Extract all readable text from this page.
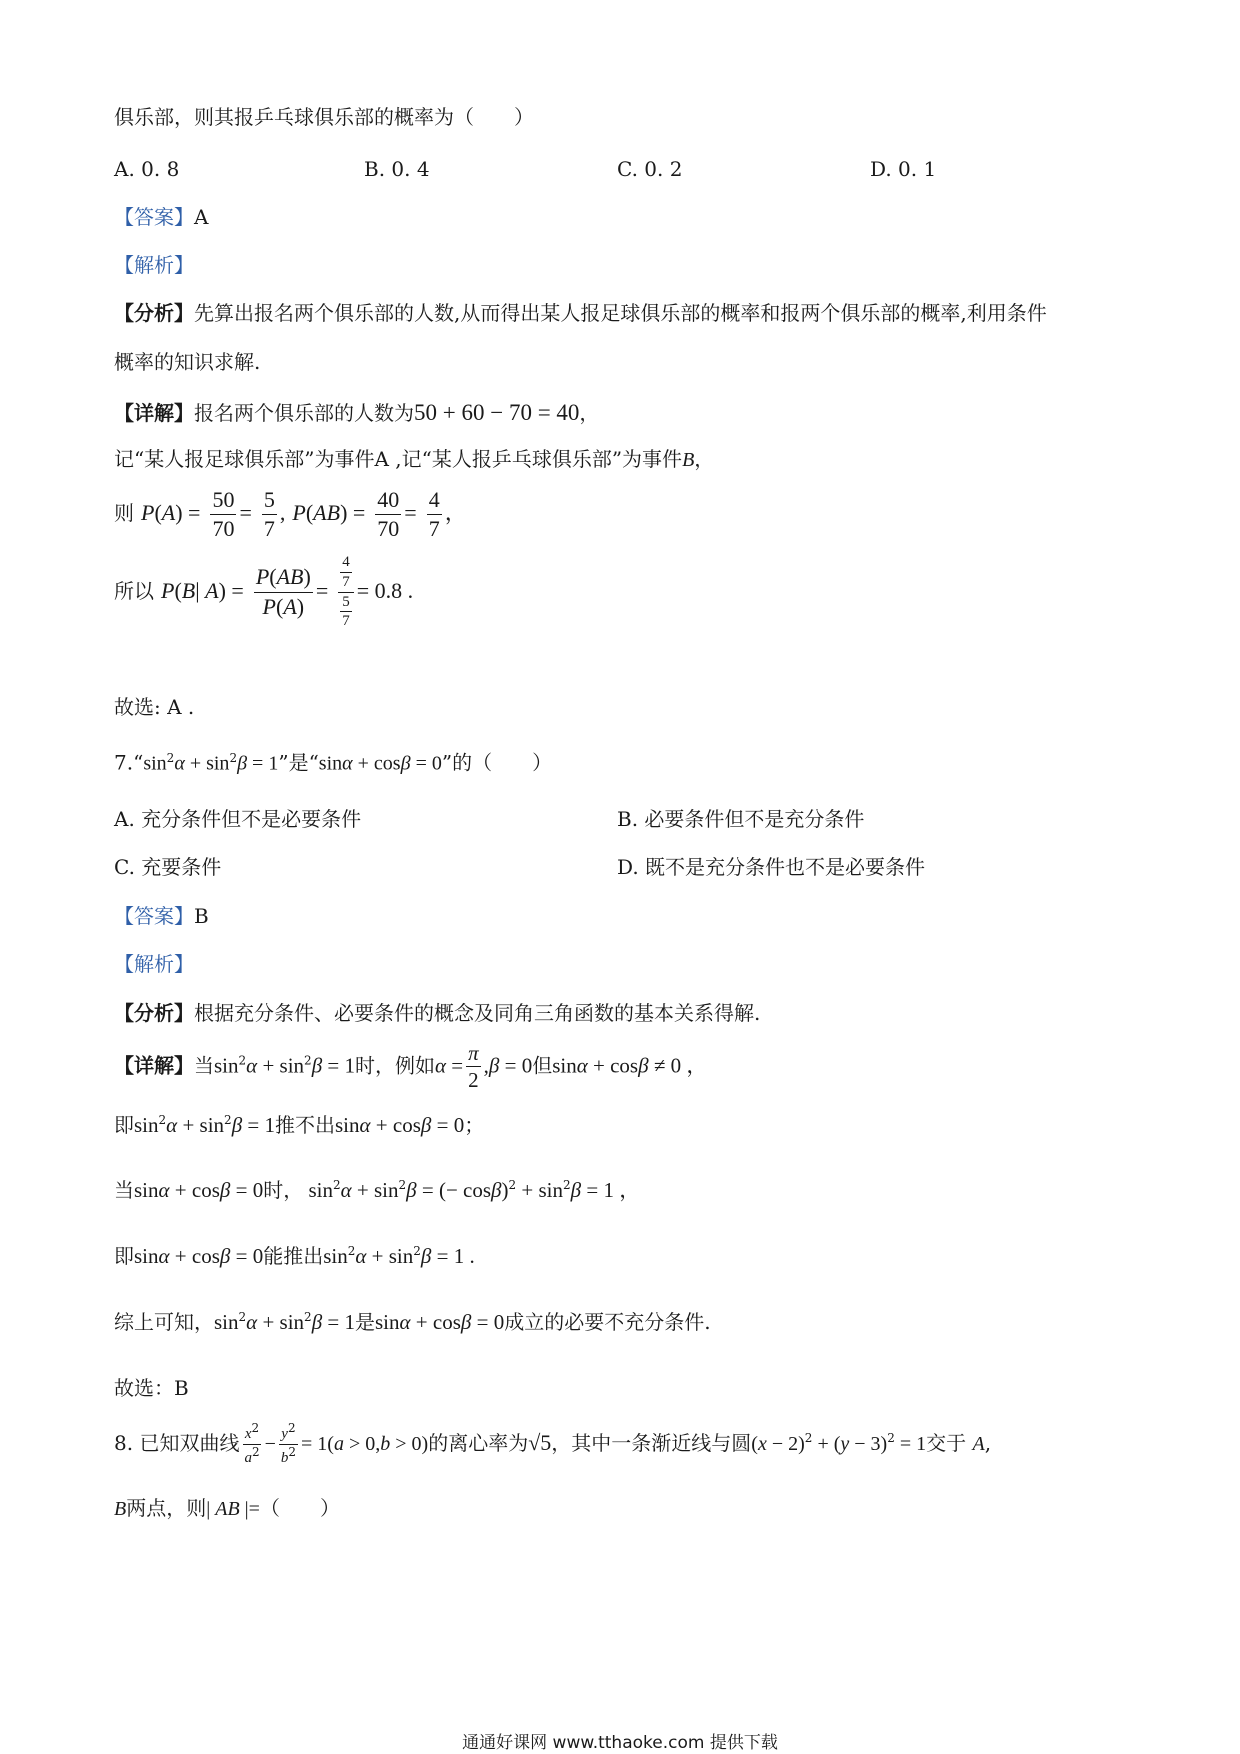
俱乐部，则其报乒乓球俱乐部的概率为（　　）
A. 0. 8	B. 0. 4	C. 0. 2	D. 0. 1
【答案】A
【解析】
【分析】先算出报名两个俱乐部的人数,从而得出某人报足球俱乐部的概率和报两个俱乐部的概率,利用条件
概率的知识求解.
【详解】报名两个俱乐部的人数为50 + 60 − 70 = 40，
记“某人报足球俱乐部”为事件A ,记“某人报乒乓球俱乐部”为事件B，
则 $P(A) = \frac{50}{70} = \frac{5}{7}$ , $P(AB) = \frac{40}{70} = \frac{4}{7}$ ，
所以 P(B| $A) = \frac{P(AB)}{P(A)} = \frac{\frac{4}{7}}{\frac{5}{7}} = 0.8$ .
故选: A .
$7.“\sin^2\alpha + \sin^2\beta = 1$”是“sinα + cosβ = 0”的（　　）
A. 充分条件但不是必要条件	B. 必要条件但不是充分条件
C. 充要条件	D. 既不是充分条件也不是必要条件
【答案】B
【解析】
【分析】根据充分条件、必要条件的概念及同角三角函数的基本关系得解.
【详解】当$\sin^2\alpha + \sin^2\beta = 1$时，例如$\alpha = \frac{\pi}{2} ,\beta = 0$但sinα + cosβ ≠ 0 ，
即$\sin^2\alpha + \sin^2\beta = 1$推不出sinα + cosβ = 0；
当sinα + cosβ = 0时， $\sin^2\alpha + \sin^2\beta$ = (− $\cos\beta)^2 + \sin^2\beta = 1$ ，
即sinα + cosβ = 0能推出$\sin^2\alpha + \sin^2\beta = 1$ .
综上可知，$\sin^2\alpha + \sin^2\beta = 1$是sinα + cosβ = 0成立的必要不充分条件.
故选：B
8. 已知双曲线 $\frac{x^2}{a^2} - \frac{y^2}{b^2} = 1(a > 0,b > 0)$的离心率为√5，其中一条渐近线与圆$(x - 2)^2 + (y - 3)^2 = 1$交于 A,
B两点，则| AB |=（　　）
通通好课网 www.tthaoke.com 提供下载
